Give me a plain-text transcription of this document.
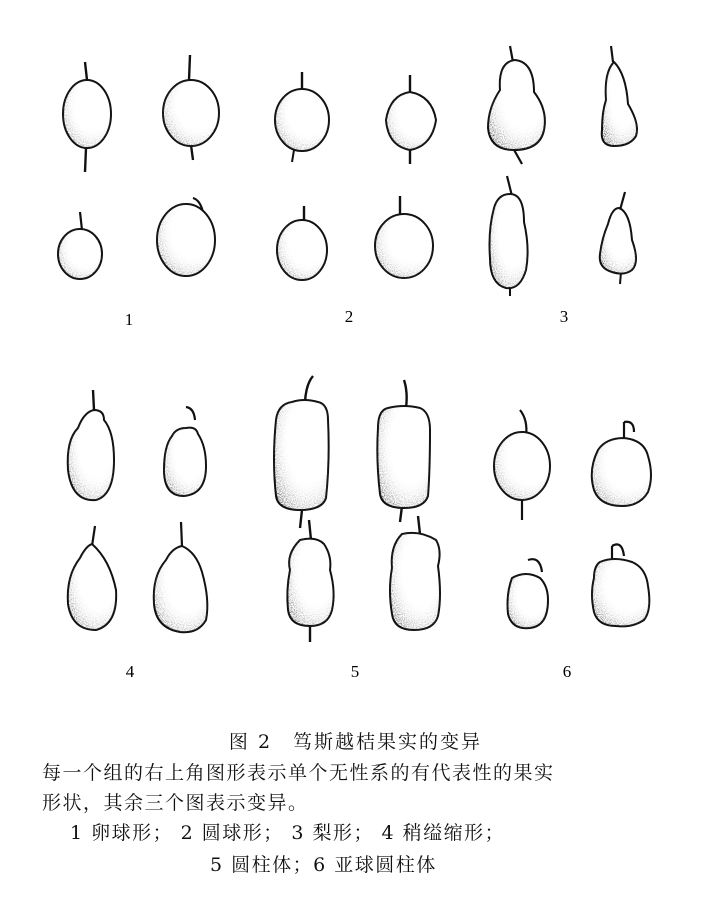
1	2	3
4	5	6
图 2　笃斯越桔果实的变异
每一个组的右上角图形表示单个无性系的有代表性的果实
形状，其余三个图表示变异。
1 卵球形； 2 圆球形； 3 梨形； 4 稍缢缩形；
5 圆柱体；6 亚球圆柱体
